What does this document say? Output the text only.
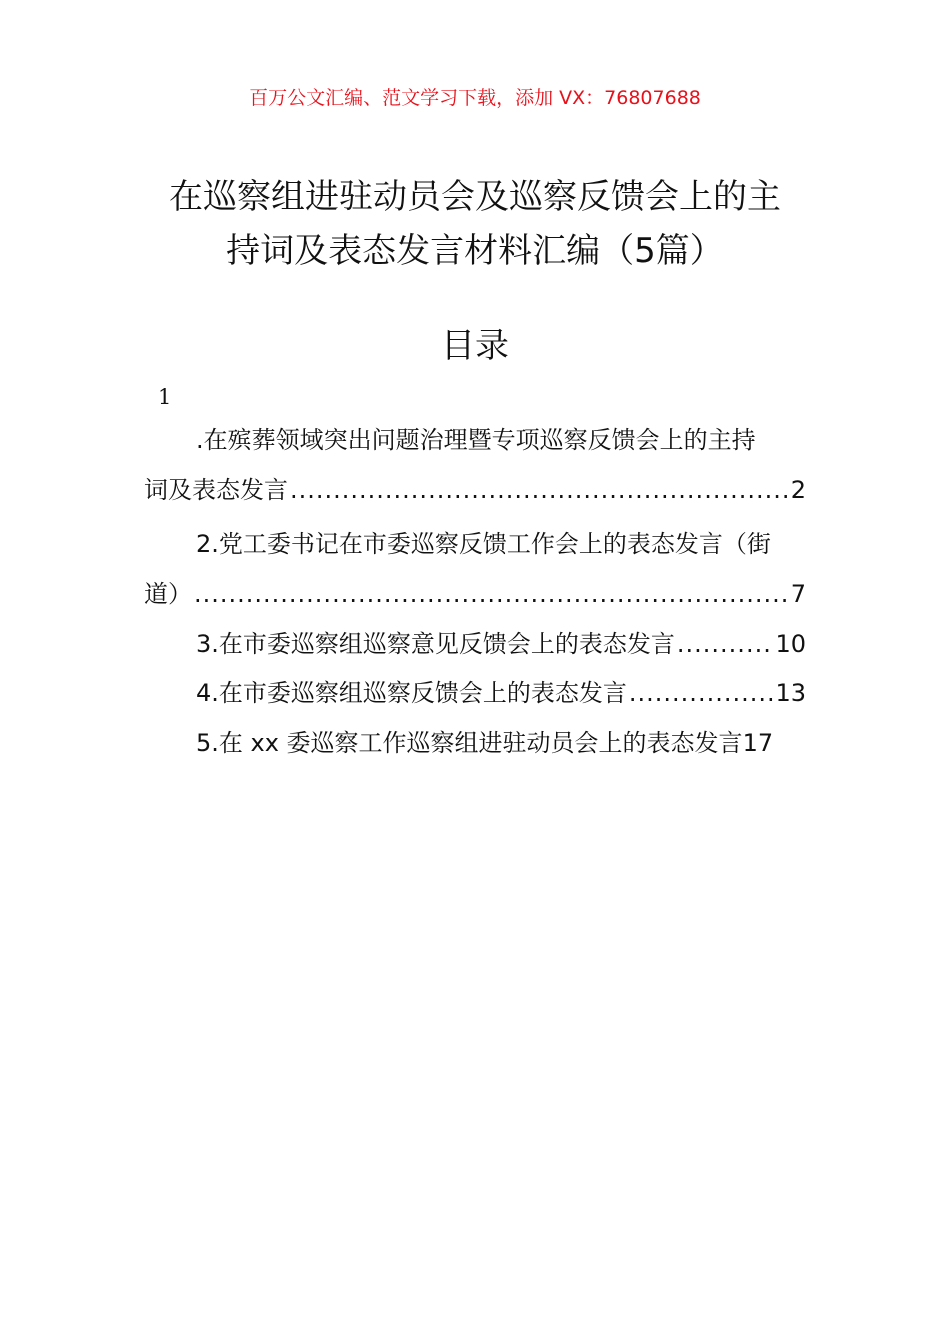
百万公文汇编、范文学习下载，添加 VX：76807688
在巡察组进驻动员会及巡察反馈会上的主
持词及表态发言材料汇编（5篇）
目录
1
.在殡葬领域突出问题治理暨专项巡察反馈会上的主持
词及表态发言 .....	2
2.党工委书记在市委巡察反馈工作会上的表态发言（街
道） .....	7
3.在市委巡察组巡察意见反馈会上的表态发言 .....	10
4.在市委巡察组巡察反馈会上的表态发言 .....	13
5.在 xx 委巡察工作巡察组进驻动员会上的表态发言 17
